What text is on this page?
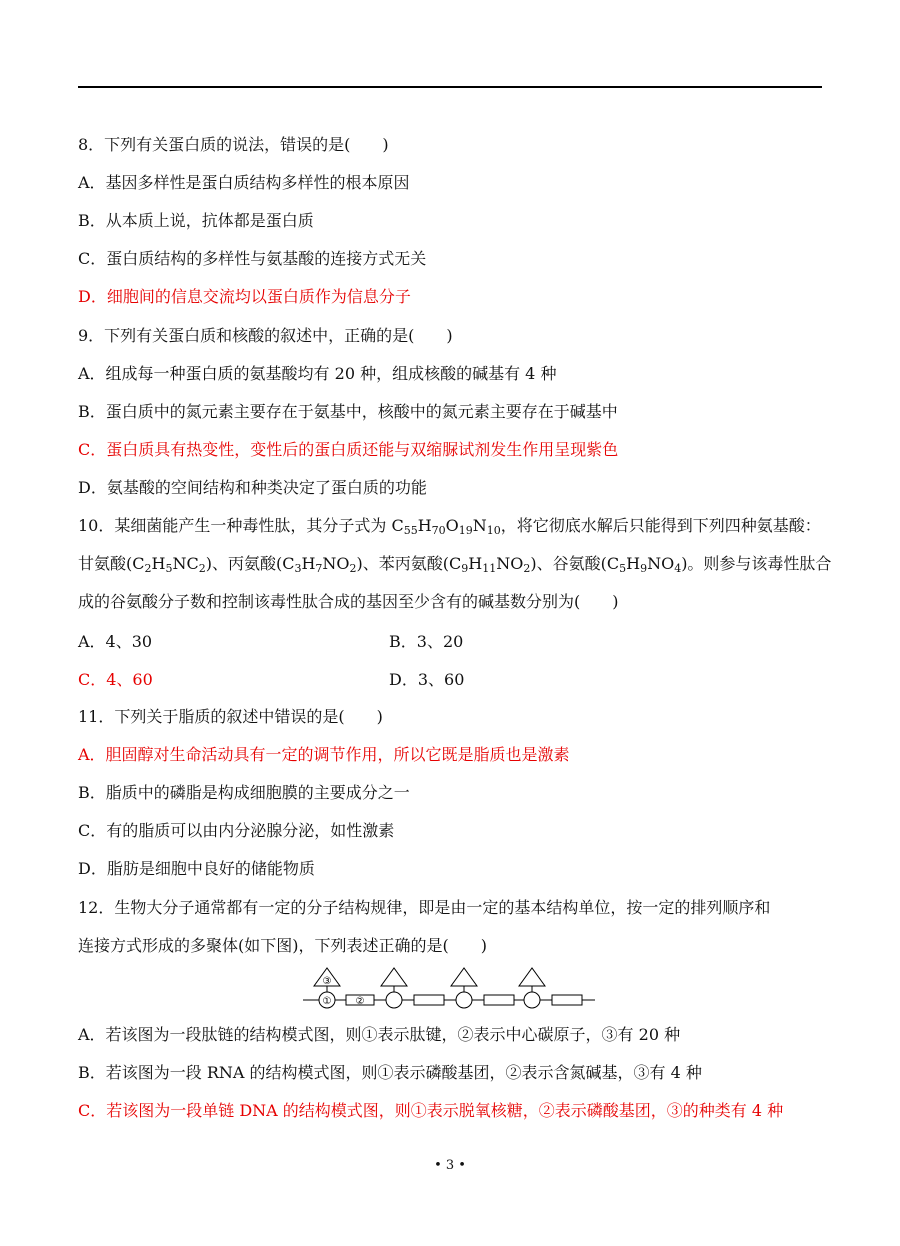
8．下列有关蛋白质的说法，错误的是(　　)
A．基因多样性是蛋白质结构多样性的根本原因
B．从本质上说，抗体都是蛋白质
C．蛋白质结构的多样性与氨基酸的连接方式无关
D．细胞间的信息交流均以蛋白质作为信息分子
9．下列有关蛋白质和核酸的叙述中，正确的是(　　)
A．组成每一种蛋白质的氨基酸均有 20 种，组成核酸的碱基有 4 种
B．蛋白质中的氮元素主要存在于氨基中，核酸中的氮元素主要存在于碱基中
C．蛋白质具有热变性，变性后的蛋白质还能与双缩脲试剂发生作用呈现紫色
D．氨基酸的空间结构和种类决定了蛋白质的功能
10．某细菌能产生一种毒性肽，其分子式为 $C_{55}H_{70}O_{19}N_{10}$，将它彻底水解后只能得到下列四种氨基酸：
甘氨酸$(C_2H_5NC_2)$、丙氨酸$(C_3H_7NO_2)$、苯丙氨酸$(C_9H_{11}NO_2)$、谷氨酸$(C_5H_9NO_4)$。则参与该毒性肽合
成的谷氨酸分子数和控制该毒性肽合成的基因至少含有的碱基数分别为(　　)
A．4、30	B．3、20
C．4、60	D．3、60
11．下列关于脂质的叙述中错误的是(　　)
A．胆固醇对生命活动具有一定的调节作用，所以它既是脂质也是激素
B．脂质中的磷脂是构成细胞膜的主要成分之一
C．有的脂质可以由内分泌腺分泌，如性激素
D．脂肪是细胞中良好的储能物质
12．生物大分子通常都有一定的分子结构规律，即是由一定的基本结构单位，按一定的排列顺序和
连接方式形成的多聚体(如下图)，下列表述正确的是(　　)
③
① ②
A．若该图为一段肽链的结构模式图，则①表示肽键，②表示中心碳原子，③有 20 种
B．若该图为一段 RNA 的结构模式图，则①表示磷酸基团，②表示含氮碱基，③有 4 种
C．若该图为一段单链 DNA 的结构模式图，则①表示脱氧核糖，②表示磷酸基团，③的种类有 4 种
• 3 •
